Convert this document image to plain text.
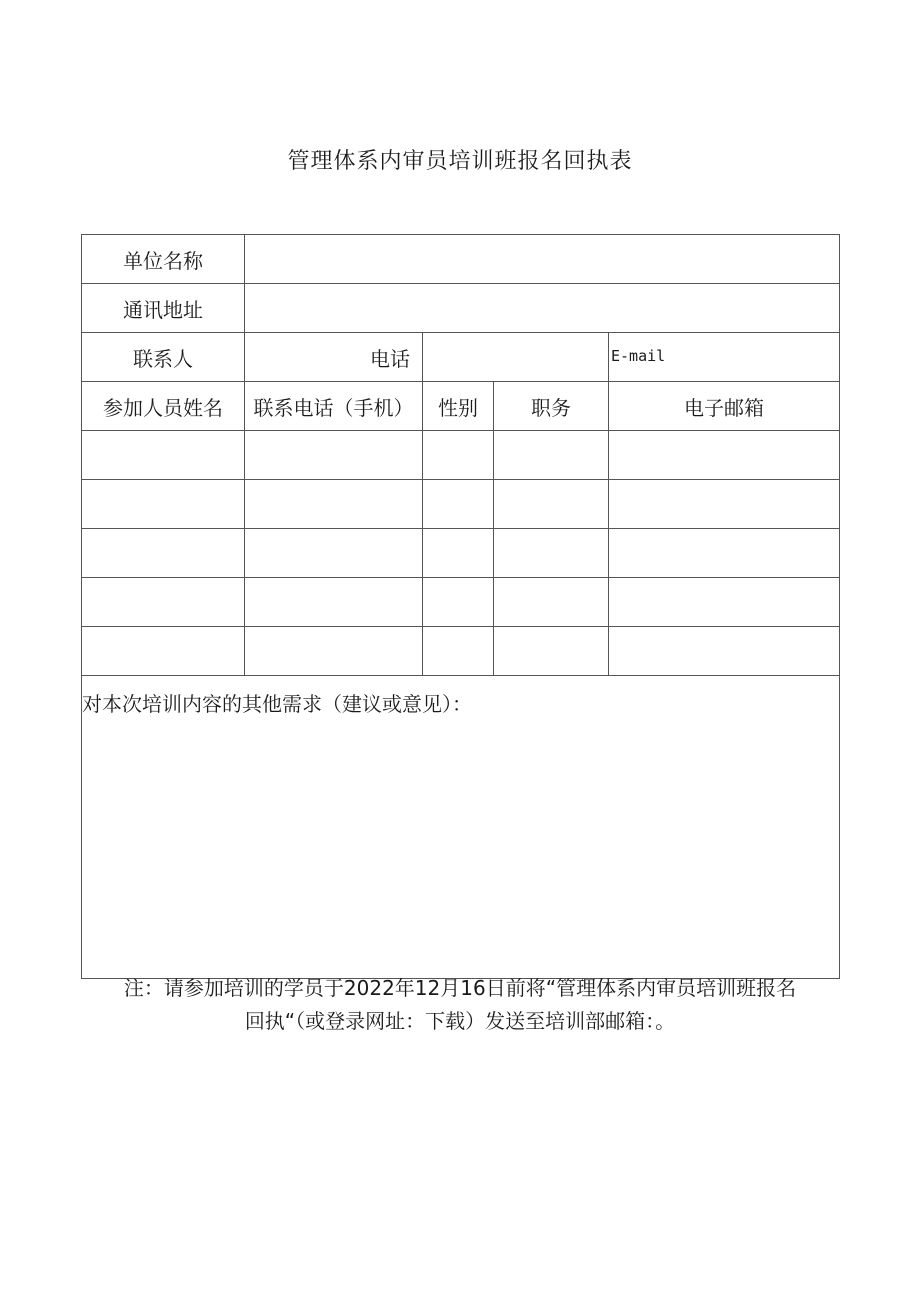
管理体系内审员培训班报名回执表
单位名称				
通讯地址				
联系人	电话			E-mail
参加人员姓名	联系电话（手机）	性别	职务	电子邮箱

对本次培训内容的其他需求（建议或意见）：				
注：请参加培训的学员于2022年12月16日前将“管理体系内审员培训班报名
回执“（或登录网址：下载）发送至培训部邮箱：。
